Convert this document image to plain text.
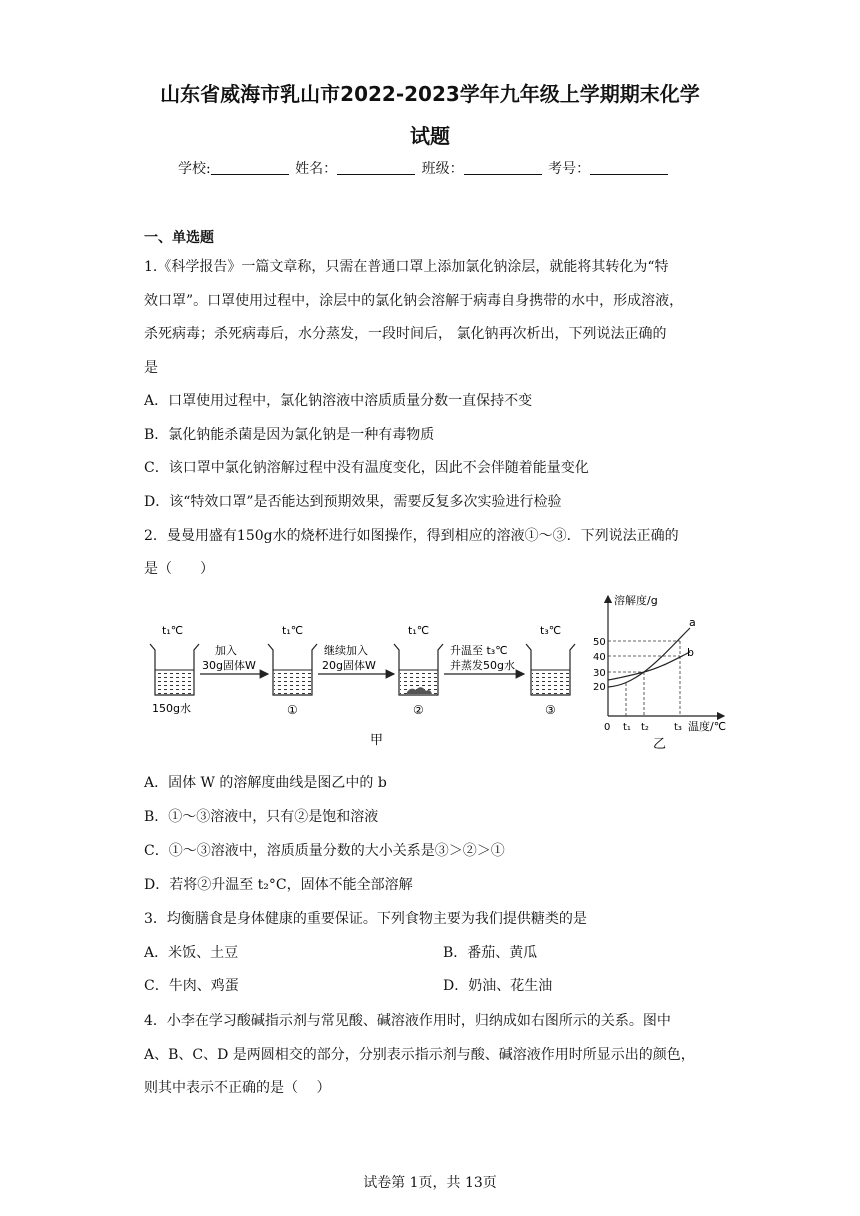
山东省威海市乳山市2022-2023学年九年级上学期期末化学
试题
学校:	姓名：	班级：	考号：
一、单选题
1.《科学报告》一篇文章称，只需在普通口罩上添加氯化钠涂层，就能将其转化为“特
效口罩”。口罩使用过程中，涂层中的氯化钠会溶解于病毒自身携带的水中，形成溶液，
杀死病毒；杀死病毒后，水分蒸发，一段时间后， 氯化钠再次析出，下列说法正确的
是
A．口罩使用过程中，氯化钠溶液中溶质质量分数一直保持不变
B．氯化钠能杀菌是因为氯化钠是一种有毒物质
C．该口罩中氯化钠溶解过程中没有温度变化，因此不会伴随着能量变化
D．该“特效口罩”是否能达到预期效果，需要反复多次实验进行检验
2．曼曼用盛有150g水的烧杯进行如图操作，得到相应的溶液①～③．下列说法正确的
是（　　）
t₁℃
150g水
加入
30g固体W
t₁℃
①
继续加入
20g固体W
t₁℃
②
升温至 t₃℃
并蒸发50g水
t₃℃
③
甲
溶解度/g
温度/℃
50
40
30
20
0 t₁ t₂	t₃
a
b
乙
A．固体 W 的溶解度曲线是图乙中的 b
B．①～③溶液中，只有②是饱和溶液
C．①～③溶液中，溶质质量分数的大小关系是③＞②＞①
D．若将②升温至 t₂°C，固体不能全部溶解
3．均衡膳食是身体健康的重要保证。下列食物主要为我们提供糖类的是
A．米饭、土豆	B．番茄、黄瓜
C．牛肉、鸡蛋	D．奶油、花生油
4．小李在学习酸碱指示剂与常见酸、碱溶液作用时，归纳成如右图所示的关系。图中
A、B、C、D 是两圆相交的部分，分别表示指示剂与酸、碱溶液作用时所显示出的颜色，
则其中表示不正确的是（　 ）
试卷第 1页，共 13页
